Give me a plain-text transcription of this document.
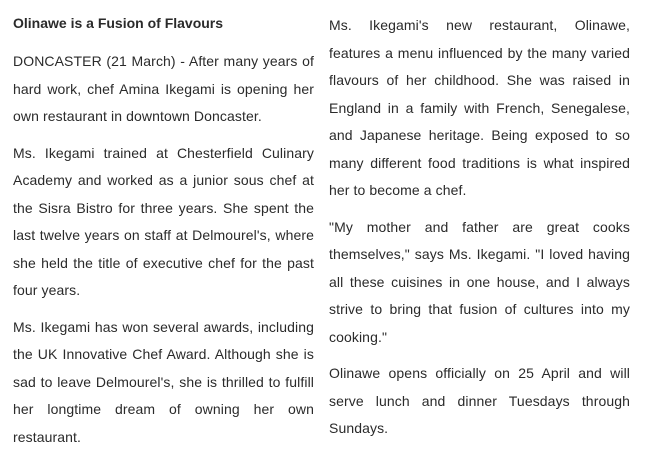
Olinawe is a Fusion of Flavours

DONCASTER (21 March) - After many years of hard work, chef Amina Ikegami is opening her own restaurant in downtown Doncaster.

Ms. Ikegami trained at Chesterfield Culinary Academy and worked as a junior sous chef at the Sisra Bistro for three years. She spent the last twelve years on staff at Delmourel's, where she held the title of executive chef for the past four years.

Ms. Ikegami has won several awards, including the UK Innovative Chef Award. Although she is sad to leave Delmourel's, she is thrilled to fulfill her longtime dream of owning her own restaurant.

Ms. Ikegami's new restaurant, Olinawe, features a menu influenced by the many varied flavours of her childhood. She was raised in England in a family with French, Senegalese, and Japanese heritage. Being exposed to so many different food traditions is what inspired her to become a chef.

"My mother and father are great cooks themselves," says Ms. Ikegami. "I loved having all these cuisines in one house, and I always strive to bring that fusion of cultures into my cooking."

Olinawe opens officially on 25 April and will serve lunch and dinner Tuesdays through Sundays.
